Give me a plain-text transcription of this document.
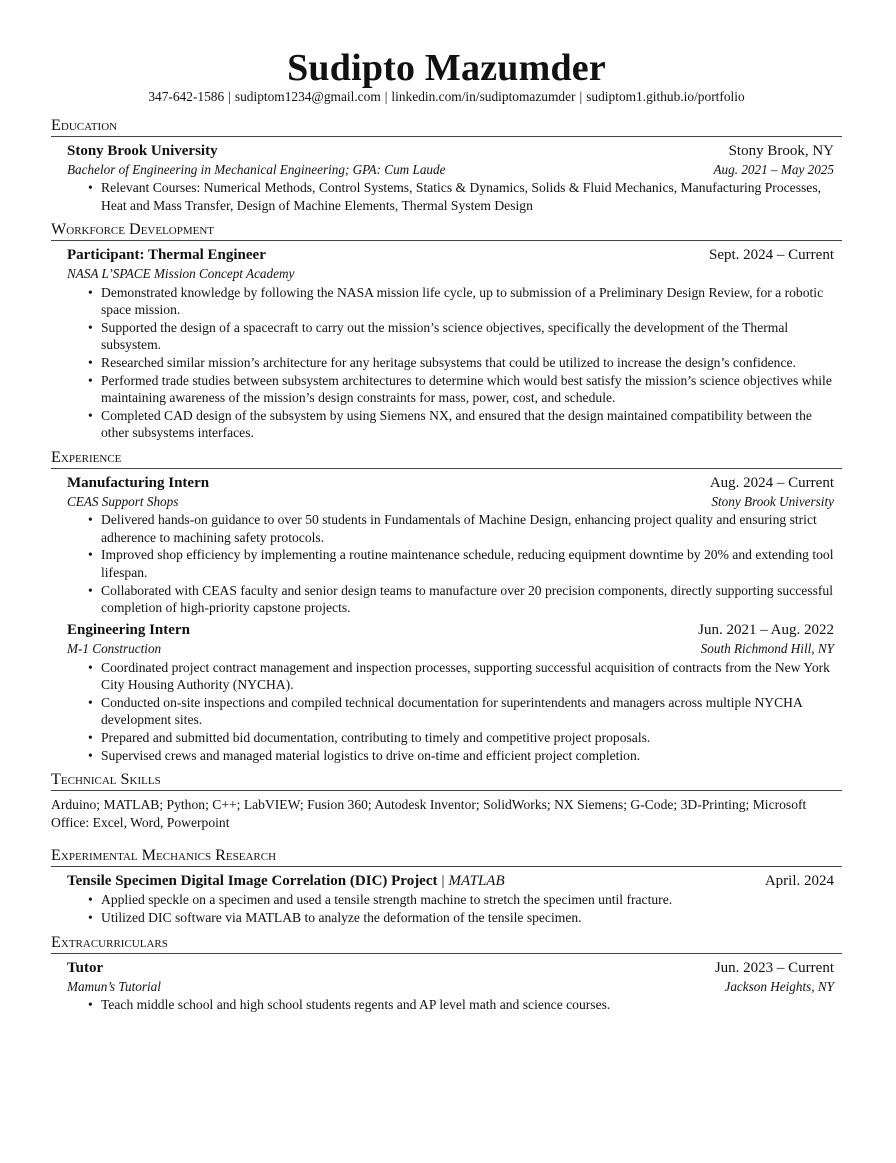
Sudipto Mazumder
347-642-1586 | sudiptom1234@gmail.com | linkedin.com/in/sudiptomazumder | sudiptom1.github.io/portfolio
Education
Stony Brook University	Stony Brook, NY
Bachelor of Engineering in Mechanical Engineering; GPA: Cum Laude	Aug. 2021 – May 2025
• Relevant Courses: Numerical Methods, Control Systems, Statics & Dynamics, Solids & Fluid Mechanics, Manufacturing Processes, Heat and Mass Transfer, Design of Machine Elements, Thermal System Design
Workforce Development
Participant: Thermal Engineer	Sept. 2024 – Current
NASA L’SPACE Mission Concept Academy
• Demonstrated knowledge by following the NASA mission life cycle, up to submission of a Preliminary Design Review, for a robotic space mission.
• Supported the design of a spacecraft to carry out the mission’s science objectives, specifically the development of the Thermal subsystem.
• Researched similar mission’s architecture for any heritage subsystems that could be utilized to increase the design’s confidence.
• Performed trade studies between subsystem architectures to determine which would best satisfy the mission’s science objectives while maintaining awareness of the mission’s design constraints for mass, power, cost, and schedule.
• Completed CAD design of the subsystem by using Siemens NX, and ensured that the design maintained compatibility between the other subsystems interfaces.
Experience
Manufacturing Intern	Aug. 2024 – Current
CEAS Support Shops	Stony Brook University
• Delivered hands-on guidance to over 50 students in Fundamentals of Machine Design, enhancing project quality and ensuring strict adherence to machining safety protocols.
• Improved shop efficiency by implementing a routine maintenance schedule, reducing equipment downtime by 20% and extending tool lifespan.
• Collaborated with CEAS faculty and senior design teams to manufacture over 20 precision components, directly supporting successful completion of high-priority capstone projects.
Engineering Intern	Jun. 2021 – Aug. 2022
M-1 Construction	South Richmond Hill, NY
• Coordinated project contract management and inspection processes, supporting successful acquisition of contracts from the New York City Housing Authority (NYCHA).
• Conducted on-site inspections and compiled technical documentation for superintendents and managers across multiple NYCHA development sites.
• Prepared and submitted bid documentation, contributing to timely and competitive project proposals.
• Supervised crews and managed material logistics to drive on-time and efficient project completion.
Technical Skills
Arduino; MATLAB; Python; C++; LabVIEW; Fusion 360; Autodesk Inventor; SolidWorks; NX Siemens; G-Code; 3D-Printing; Microsoft Office: Excel, Word, Powerpoint
Experimental Mechanics Research
Tensile Specimen Digital Image Correlation (DIC) Project | MATLAB	April. 2024
• Applied speckle on a specimen and used a tensile strength machine to stretch the specimen until fracture.
• Utilized DIC software via MATLAB to analyze the deformation of the tensile specimen.
Extracurriculars
Tutor	Jun. 2023 – Current
Mamun’s Tutorial	Jackson Heights, NY
• Teach middle school and high school students regents and AP level math and science courses.
